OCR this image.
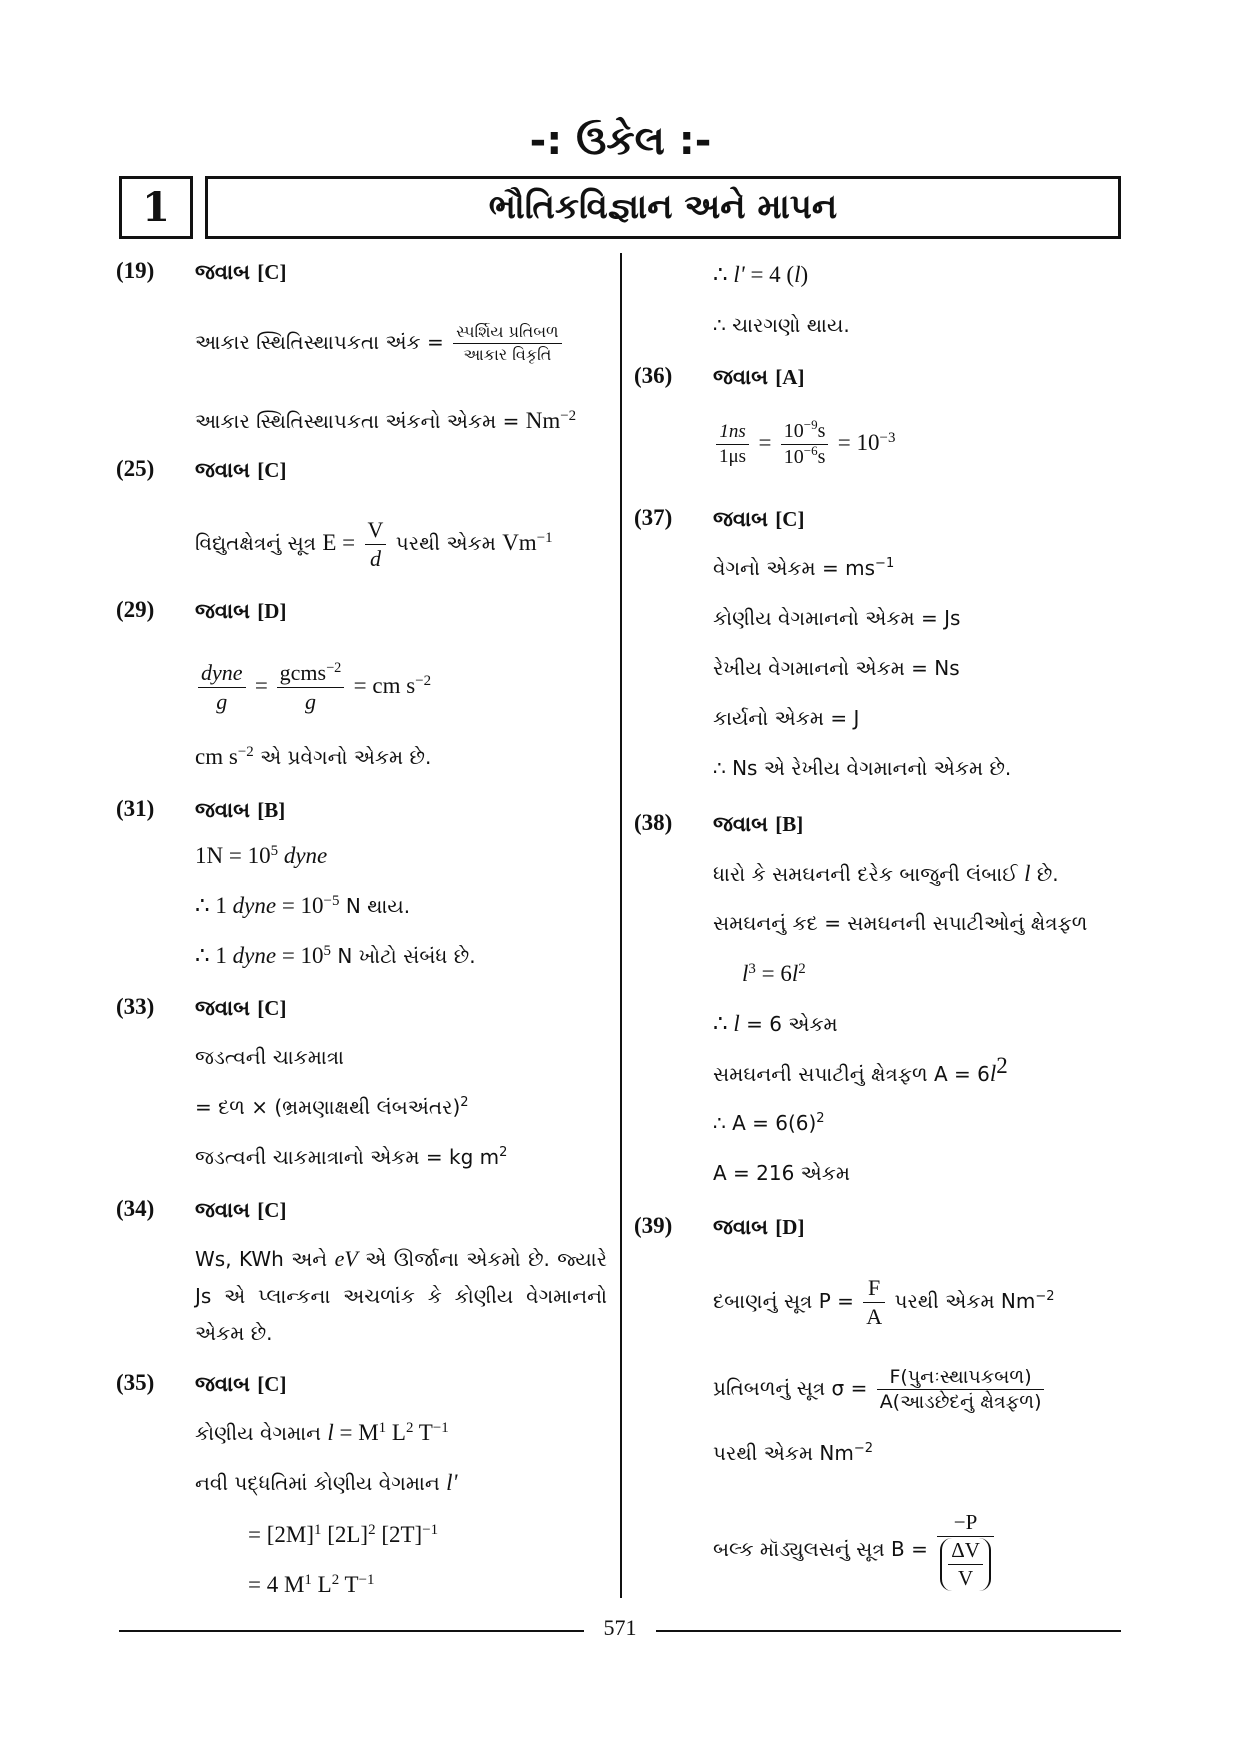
-: ઉકેલ :-
1	ભૌતિકવિજ્ઞાન અને માપન
(19) જવાબ [C]
આકાર સ્થિતિસ્થાપકતા અંક = $\frac{\text{સ્પર્શિય પ્રતિબળ}}{\text{આકાર વિકૃતિ}}$
આકાર સ્થિતિસ્થાપકતા અંકનો એકમ = $Nm^{-2}$
(25) જવાબ [C]
વિદ્યુતક્ષેત્રનું સૂત્ર $E = \frac{V}{d}$ પરથી એકમ $Vm^{-1}$
(29) જવાબ [D]
$\frac{\text{dyne}}{g} = \frac{gcms^{-2}}{g}$ = cm $s^{-2}$
cm $s^{-2}$ એ પ્રવેગનો એકમ છે.
(31) જવાબ [B]
$1N = 10^5$ dyne
∴ 1 dyne = $10^{-5}$ N થાય.
∴ 1 dyne = $10^5$ N ખોટો સંબંધ છે.
(33) જવાબ [C]
જડત્વની ચાકમાત્રા
= દળ × (ભ્રમણાક્ષથી લંબઅંતર)$^2$
જડત્વની ચાકમાત્રાનો એકમ = kg $m^2$
(34) જવાબ [C]
Ws, KWh અને eV એ ઊર્જાના એકમો છે. જ્યારે Js એ પ્લાન્કના અચળાંક કે કોણીય વેગમાનનો એકમ છે.
(35) જવાબ [C]
કોણીય વેગમાન $l = M^1$ $L^2$ $T^{-1}$
નવી પદ્ધતિમાં કોણીય વેગમાન l'
= $[2M]^1$ $[2L]^2$ $[2T]^{-1}$
= 4 $M^1$ $L^2$ $T^{-1}$
∴ l' = 4 (l)
∴ ચારગણો થાય.
(36) જવાબ [A]
$\frac{1ns}{1\mu s} = \frac{10^{-9}s}{10^{-6}s} = 10^{-3}$
(37) જવાબ [C]
વેગનો એકમ = $ms^{-1}$
કોણીય વેગમાનનો એકમ = Js
રેખીય વેગમાનનો એકમ = Ns
કાર્યનો એકમ = J
∴ Ns એ રેખીય વેગમાનનો એકમ છે.
(38) જવાબ [B]
ધારો કે સમઘનની દરેક બાજુની લંબાઈ l છે.
સમઘનનું કદ = સમઘનની સપાટીઓનું ક્ષેત્રફળ
$l^3 = 6l^2$
∴ l = 6 એકમ
સમઘનની સપાટીનું ક્ષેત્રફળ $A = 6l^2$
∴ $A = 6(6)^2$
A = 216 એકમ
(39) જવાબ [D]
દબાણનું સૂત્ર $P = \frac{F}{A}$ પરથી એકમ $Nm^{-2}$
પ્રતિબળનું સૂત્ર $\sigma = \frac{\text{F(પુનઃસ્થાપકબળ)}}{\text{A(આડછેદનું ક્ષેત્રફળ)}}$
પરથી એકમ $Nm^{-2}$
બલ્ક મૉડ્યુલસનું સૂત્ર $B = \frac{-P}{\frac{\Delta V}{V}}$
571
